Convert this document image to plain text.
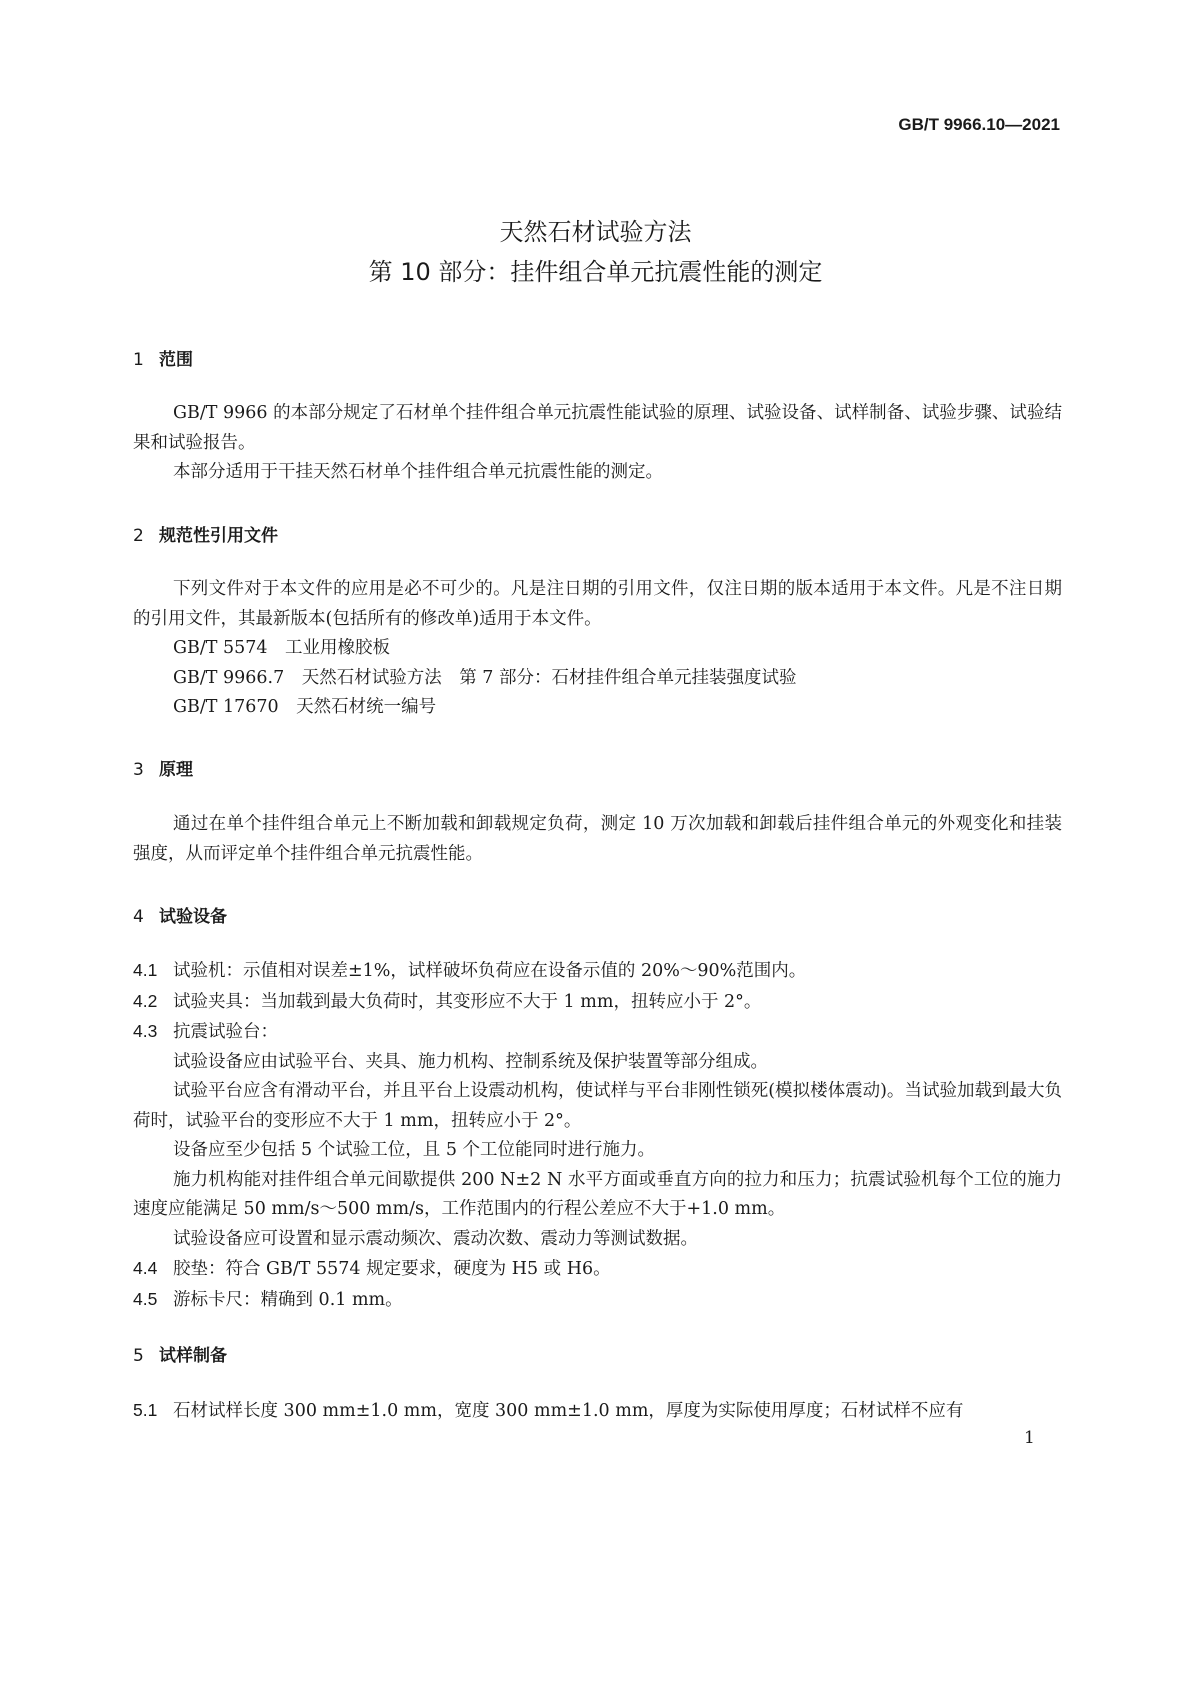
GB/T 9966.10—2021
天然石材试验方法
第 10 部分：挂件组合单元抗震性能的测定
1 范围

GB/T 9966 的本部分规定了石材单个挂件组合单元抗震性能试验的原理、试验设备、试样制备、试验步骤、试验结果和试验报告。

本部分适用于干挂天然石材单个挂件组合单元抗震性能的测定。

2 规范性引用文件

下列文件对于本文件的应用是必不可少的。凡是注日期的引用文件，仅注日期的版本适用于本文件。凡是不注日期的引用文件，其最新版本(包括所有的修改单)适用于本文件。

GB/T 5574　 工业用橡胶板

GB/T 9966.7　 天然石材试验方法　第 7 部分：石材挂件组合单元挂装强度试验

GB/T 17670　 天然石材统一编号

3 原理

通过在单个挂件组合单元上不断加载和卸载规定负荷，测定 10 万次加载和卸载后挂件组合单元的外观变化和挂装强度，从而评定单个挂件组合单元抗震性能。

4 试验设备

4.1 试验机：示值相对误差±1%，试样破坏负荷应在设备示值的 20%～90%范围内。

4.2 试验夹具：当加载到最大负荷时，其变形应不大于 1 mm，扭转应小于 2°。

4.3 抗震试验台：

试验设备应由试验平台、夹具、施力机构、控制系统及保护装置等部分组成。

试验平台应含有滑动平台，并且平台上设震动机构，使试样与平台非刚性锁死(模拟楼体震动)。当试验加载到最大负荷时，试验平台的变形应不大于 1 mm，扭转应小于 2°。

设备应至少包括 5 个试验工位，且 5 个工位能同时进行施力。

施力机构能对挂件组合单元间歇提供 200 N±2 N 水平方面或垂直方向的拉力和压力；抗震试验机每个工位的施力速度应能满足 50 mm/s～500 mm/s，工作范围内的行程公差应不大于+1.0 mm。

试验设备应可设置和显示震动频次、震动次数、震动力等测试数据。

4.4 胶垫：符合 GB/T 5574 规定要求，硬度为 H5 或 H6。

4.5 游标卡尺：精确到 0.1 mm。

5 试样制备

5.1 石材试样长度 300 mm±1.0 mm，宽度 300 mm±1.0 mm，厚度为实际使用厚度；石材试样不应有

1
